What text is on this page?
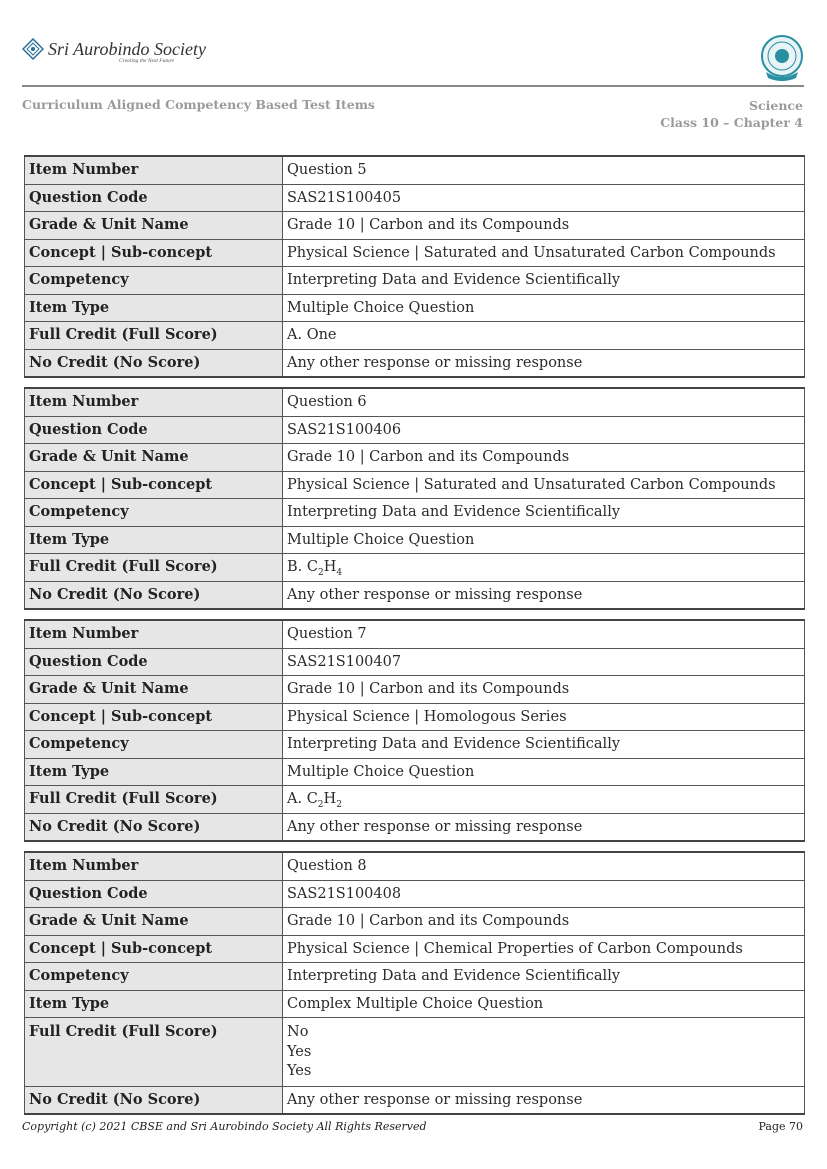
Sri Aurobindo Society
Creating the Next Future
Curriculum Aligned Competency Based Test Items	Science
Class 10 – Chapter 4
Item Number	Question 5
Question Code	SAS21S100405
Grade & Unit Name	Grade 10 | Carbon and its Compounds
Concept | Sub-concept	Physical Science | Saturated and Unsaturated Carbon Compounds
Competency	Interpreting Data and Evidence Scientifically
Item Type	Multiple Choice Question
Full Credit (Full Score)	A. One
No Credit (No Score)	Any other response or missing response
Item Number	Question 6
Question Code	SAS21S100406
Grade & Unit Name	Grade 10 | Carbon and its Compounds
Concept | Sub-concept	Physical Science | Saturated and Unsaturated Carbon Compounds
Competency	Interpreting Data and Evidence Scientifically
Item Type	Multiple Choice Question
Full Credit (Full Score)	B. $C_2H_4$
No Credit (No Score)	Any other response or missing response
Item Number	Question 7
Question Code	SAS21S100407
Grade & Unit Name	Grade 10 | Carbon and its Compounds
Concept | Sub-concept	Physical Science | Homologous Series
Competency	Interpreting Data and Evidence Scientifically
Item Type	Multiple Choice Question
Full Credit (Full Score)	A. $C_2H_2$
No Credit (No Score)	Any other response or missing response
Item Number	Question 8
Question Code	SAS21S100408
Grade & Unit Name	Grade 10 | Carbon and its Compounds
Concept | Sub-concept	Physical Science | Chemical Properties of Carbon Compounds
Competency	Interpreting Data and Evidence Scientifically
Item Type	Complex Multiple Choice Question
Full Credit (Full Score)	No
Yes
Yes

No Credit (No Score)	Any other response or missing response
Copyright (c) 2021 CBSE and Sri Aurobindo Society All Rights Reserved	Page 70
